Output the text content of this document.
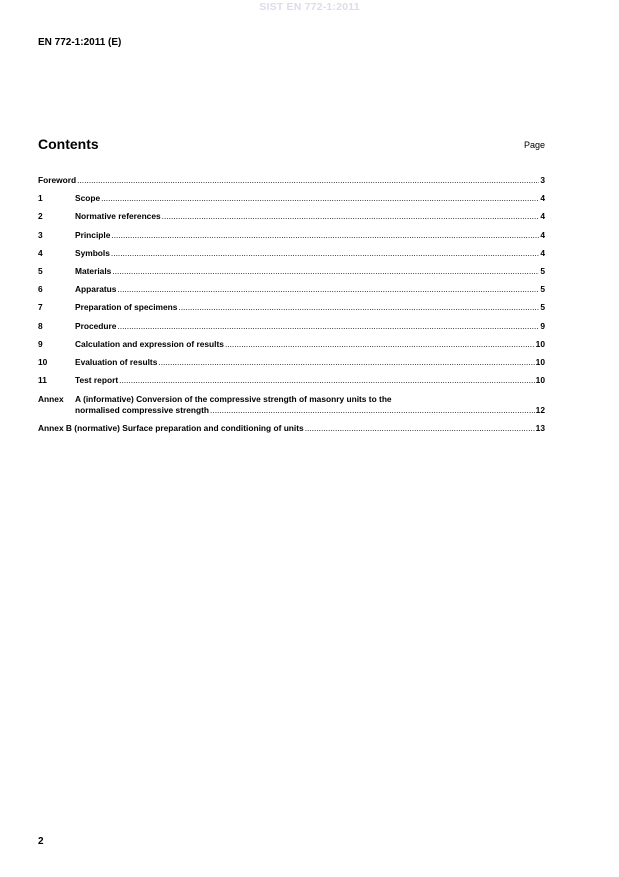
SIST EN 772-1:2011
EN 772-1:2011 (E)
Contents	Page
Foreword .....	3
1	Scope .....	4
2	Normative references .....	4
3	Principle .....	4
4	Symbols .....	4
5	Materials .....	5
6	Apparatus .....	5
7	Preparation of specimens .....	5
8	Procedure .....	9
9	Calculation and expression of results .....	10
10	Evaluation of results .....	10
11	Test report .....	10
Annex	A (informative) Conversion of the compressive strength of masonry units to the
normalised compressive strength .....	12
Annex B (normative) Surface preparation and conditioning of units .....	13
2
